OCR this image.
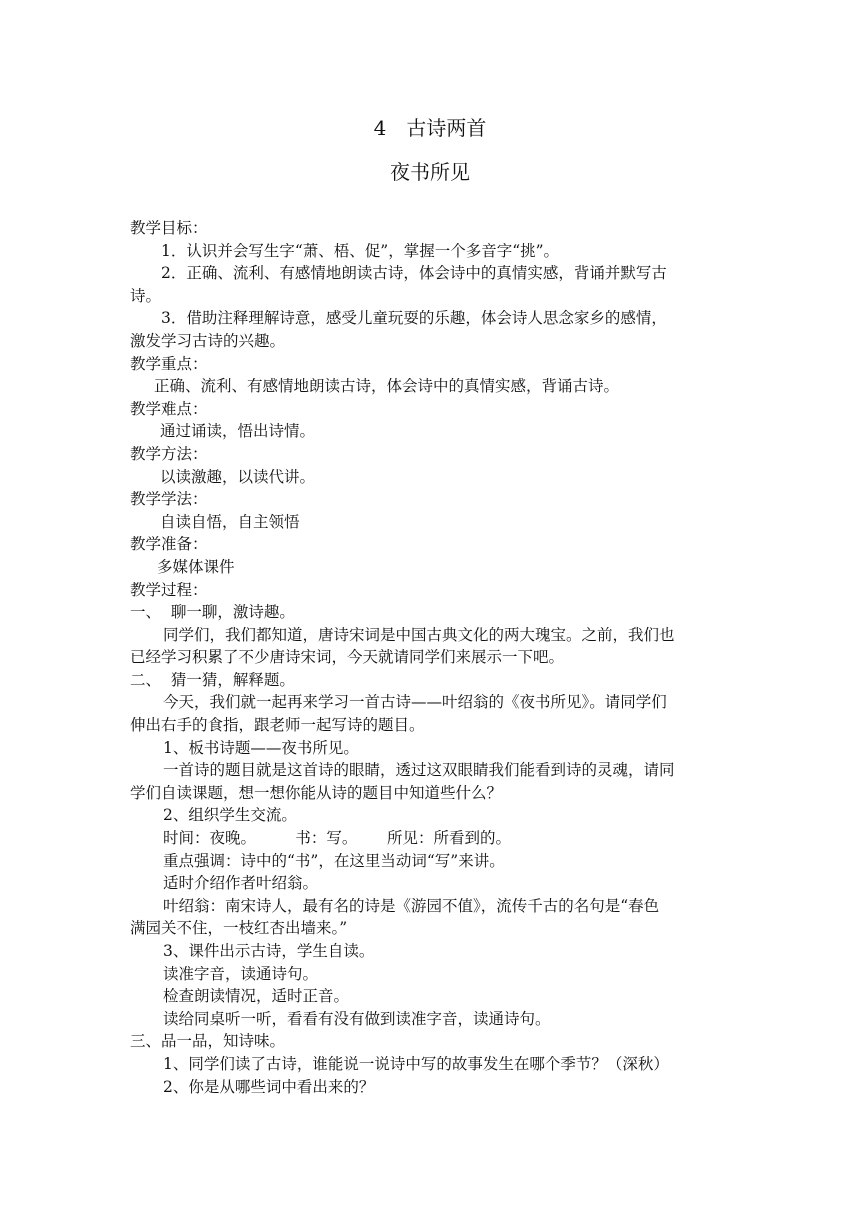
4　古诗两首
夜书所见
教学目标：
1．认识并会写生字“萧、梧、促”，掌握一个多音字“挑”。
2．正确、流利、有感情地朗读古诗，体会诗中的真情实感，背诵并默写古
诗。
3．借助注释理解诗意，感受儿童玩耍的乐趣，体会诗人思念家乡的感情，
激发学习古诗的兴趣。
教学重点：
正确、流利、有感情地朗读古诗，体会诗中的真情实感，背诵古诗。
教学难点：
通过诵读，悟出诗情。
教学方法：
以读激趣，以读代讲。
教学学法：
自读自悟，自主领悟
教学准备：
多媒体课件
教学过程：
一、  聊一聊，激诗趣。
同学们，我们都知道，唐诗宋词是中国古典文化的两大瑰宝。之前，我们也
已经学习积累了不少唐诗宋词，今天就请同学们来展示一下吧。
二、  猜一猜，解释题。
今天，我们就一起再来学习一首古诗——叶绍翁的《夜书所见》。请同学们
伸出右手的食指，跟老师一起写诗的题目。
1、板书诗题——夜书所见。
一首诗的题目就是这首诗的眼睛，透过这双眼睛我们能看到诗的灵魂，请同
学们自读课题，想一想你能从诗的题目中知道些什么？
2、组织学生交流。
时间：夜晚。        书：写。      所见：所看到的。
重点强调：诗中的“书”，在这里当动词“写”来讲。
适时介绍作者叶绍翁。
叶绍翁：南宋诗人，最有名的诗是《游园不值》，流传千古的名句是“春色
满园关不住，一枝红杏出墙来。”
3、课件出示古诗，学生自读。
读准字音，读通诗句。
检查朗读情况，适时正音。
读给同桌听一听，看看有没有做到读准字音，读通诗句。
三、品一品，知诗味。
1、同学们读了古诗，谁能说一说诗中写的故事发生在哪个季节？（深秋）
2、你是从哪些词中看出来的？
